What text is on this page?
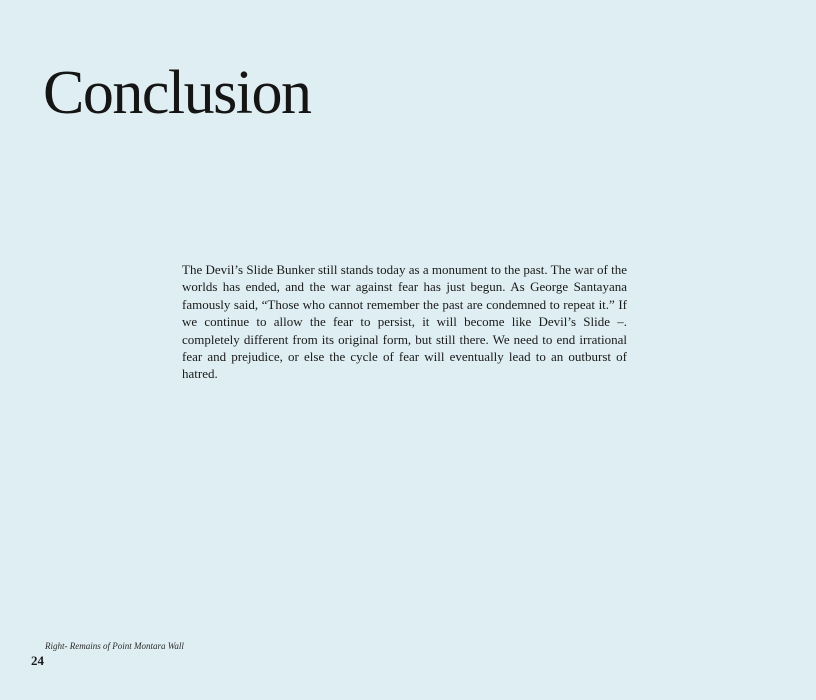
Conclusion

The Devil’s Slide Bunker still stands today as a monument to the past. The war of the worlds has ended, and the war against fear has just begun. As George Santayana famously said, “Those who cannot remember the past are condemned to repeat it.” If we continue to allow the fear to persist, it will become like Devil’s Slide –. completely different from its original form, but still there. We need to end irrational fear and prejudice, or else the cycle of fear will eventually lead to an outburst of hatred.

Right- Remains of Point Montara Wall

24
